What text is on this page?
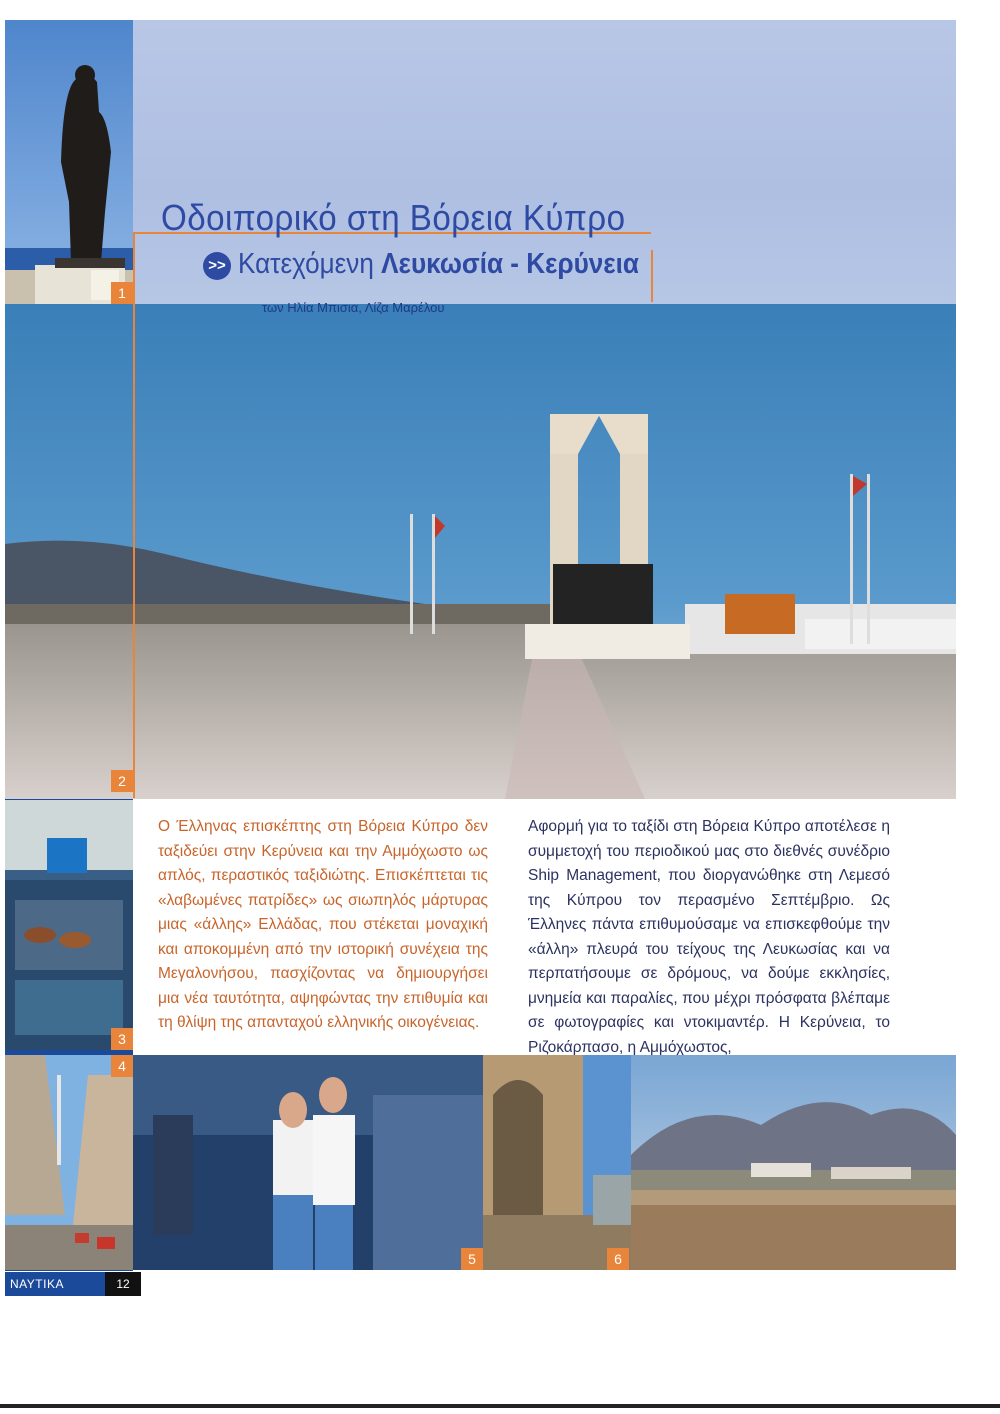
1
2
Οδοιπορικό στη Βόρεια Κύπρο
>> Κατεχόμενη Λευκωσία - Κερύνεια
των Ηλία Μπισια, Λίζα Μαρέλου
3
Ο Έλληνας επισκέπτης στη Βόρεια Κύπρο δεν ταξιδεύει στην Κερύνεια και την Αμμόχωστο ως απλός, περαστικός ταξιδιώτης. Επισκέπτεται τις «λαβωμένες πατρίδες» ως σιωπηλός μάρτυρας μιας «άλλης» Ελλάδας, που στέκεται μοναχική και αποκομμένη από την ιστορική συνέχεια της Μεγαλονήσου, πασχίζοντας να δημιουργήσει μια νέα ταυτότητα, αψηφώντας την επιθυμία και τη θλίψη της απανταχού ελληνικής οικογένειας.
Αφορμή για το ταξίδι στη Βόρεια Κύπρο αποτέλεσε η συμμετοχή του περιοδικού μας στο διεθνές συνέδριο Ship Management, που διοργανώθηκε στη Λεμεσό της Κύπρου τον περασμένο Σεπτέμβριο. Ως Έλληνες πάντα επιθυμούσαμε να επισκεφθούμε την «άλλη» πλευρά του τείχους της Λευκωσίας και να περπατήσουμε σε δρόμους, να δούμε εκκλησίες, μνημεία και παραλίες, που μέχρι πρόσφατα βλέπαμε σε φωτογραφίες και ντοκιμαντέρ. Η Κερύνεια, το Ριζοκάρπασο, η Αμμόχωστος,
4
5	6
ΝΑΥΤΙΚΑ ΧΡΟΝΙΚΑ
12
